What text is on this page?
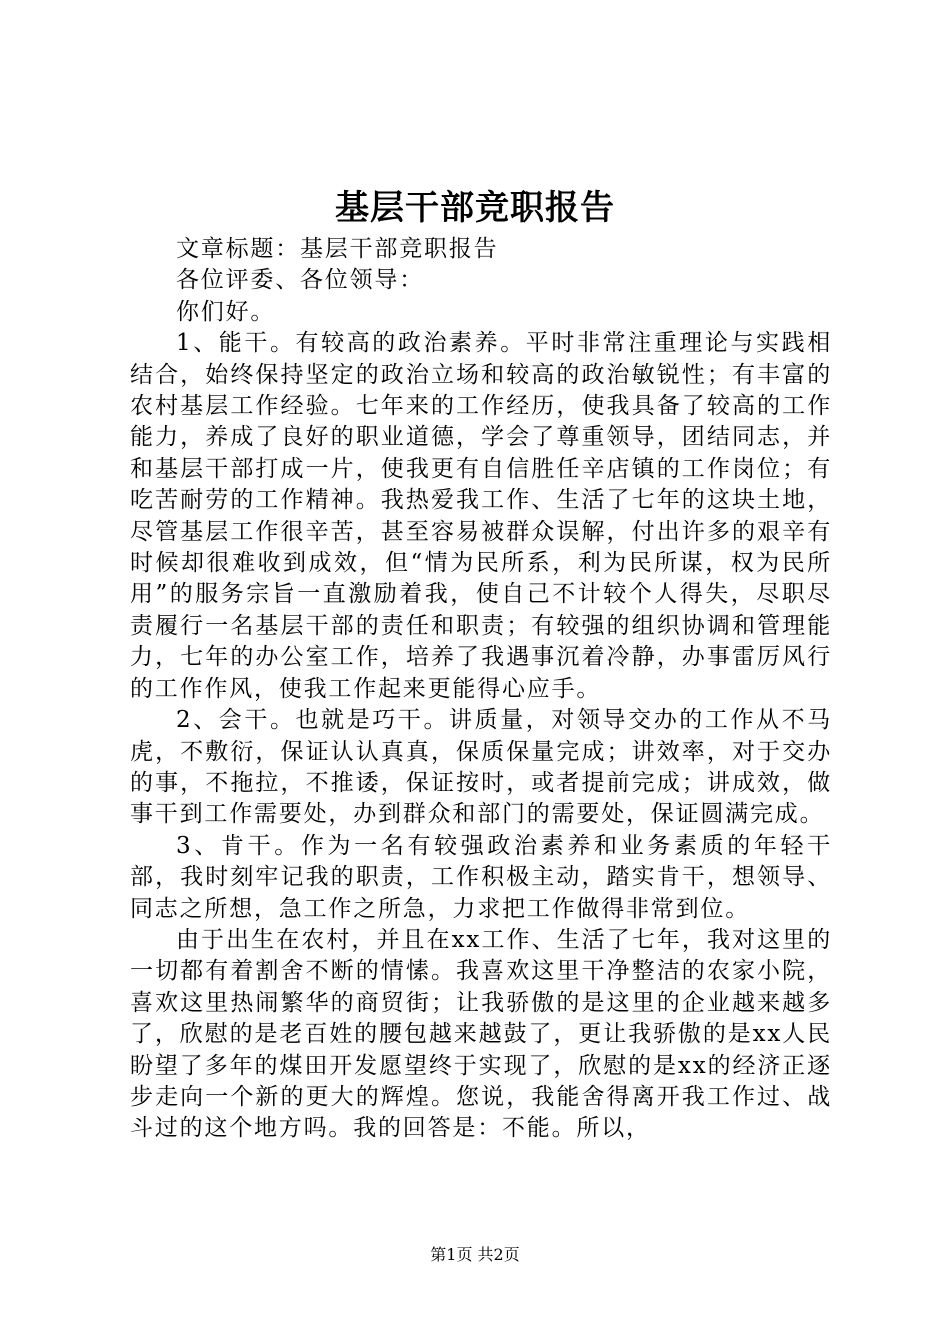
基层干部竞职报告

文章标题：基层干部竞职报告

各位评委、各位领导：

你们好。

1、能干。有较高的政治素养。平时非常注重理论与实践相结合，始终保持坚定的政治立场和较高的政治敏锐性；有丰富的农村基层工作经验。七年来的工作经历，使我具备了较高的工作能力，养成了良好的职业道德，学会了尊重领导，团结同志，并和基层干部打成一片，使我更有自信胜任辛店镇的工作岗位；有吃苦耐劳的工作精神。我热爱我工作、生活了七年的这块土地，尽管基层工作很辛苦，甚至容易被群众误解，付出许多的艰辛有时候却很难收到成效，但“情为民所系，利为民所谋，权为民所用”的服务宗旨一直激励着我，使自己不计较个人得失，尽职尽责履行一名基层干部的责任和职责；有较强的组织协调和管理能力，七年的办公室工作，培养了我遇事沉着冷静，办事雷厉风行的工作作风，使我工作起来更能得心应手。

2、会干。也就是巧干。讲质量，对领导交办的工作从不马虎，不敷衍，保证认认真真，保质保量完成；讲效率，对于交办的事，不拖拉，不推诿，保证按时，或者提前完成；讲成效，做事干到工作需要处，办到群众和部门的需要处，保证圆满完成。

3、肯干。作为一名有较强政治素养和业务素质的年轻干部，我时刻牢记我的职责，工作积极主动，踏实肯干，想领导、同志之所想，急工作之所急，力求把工作做得非常到位。

由于出生在农村，并且在xx工作、生活了七年，我对这里的一切都有着割舍不断的情愫。我喜欢这里干净整洁的农家小院，喜欢这里热闹繁华的商贸街；让我骄傲的是这里的企业越来越多了，欣慰的是老百姓的腰包越来越鼓了，更让我骄傲的是xx人民盼望了多年的煤田开发愿望终于实现了，欣慰的是xx的经济正逐步走向一个新的更大的辉煌。您说，我能舍得离开我工作过、战斗过的这个地方吗。我的回答是：不能。所以，

第1页 共2页
